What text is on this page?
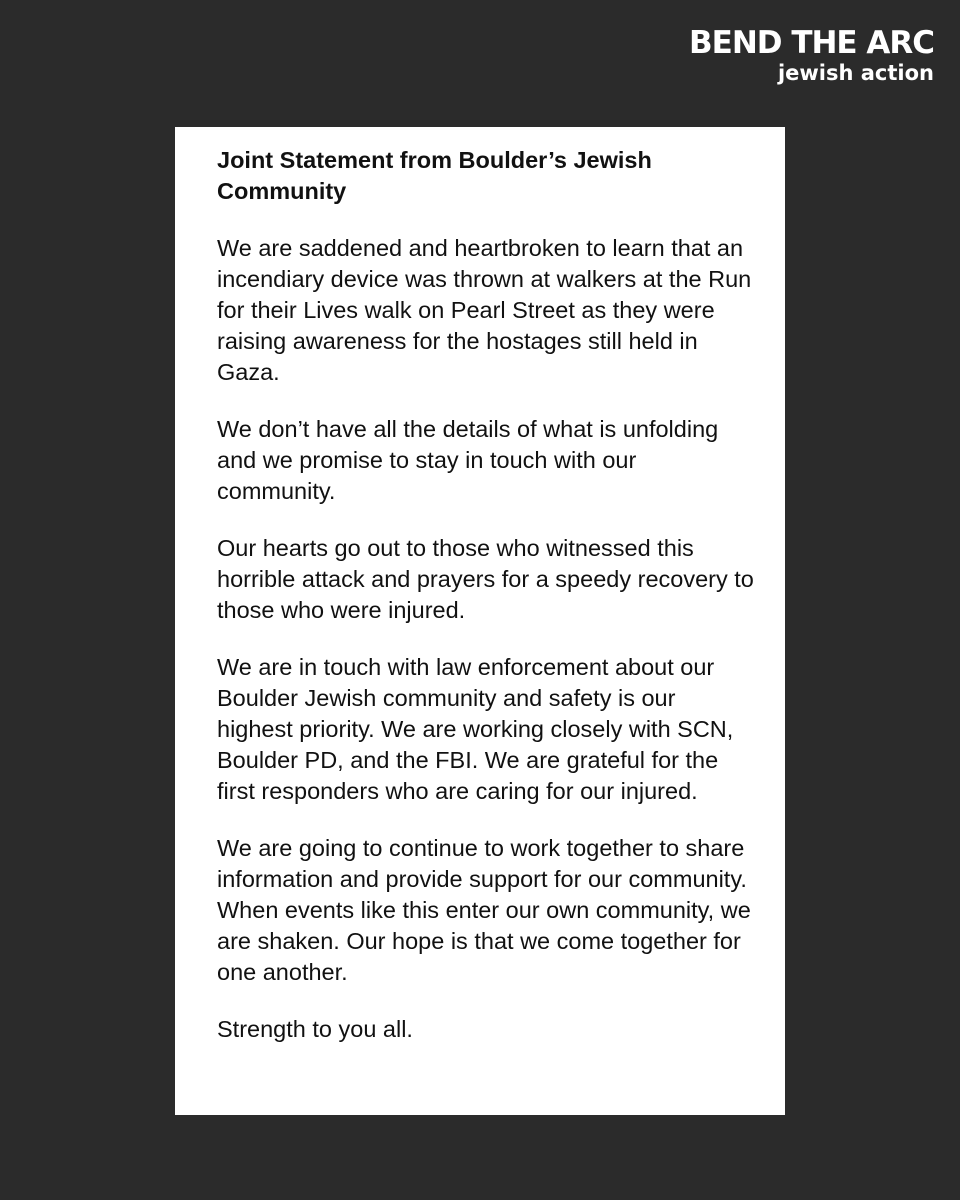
BEND THE ARC
jewish action
Joint Statement from Boulder’s Jewish Community

We are saddened and heartbroken to learn that an incendiary device was thrown at walkers at the Run for their Lives walk on Pearl Street as they were raising awareness for the hostages still held in Gaza.

We don’t have all the details of what is unfolding and we promise to stay in touch with our community.

Our hearts go out to those who witnessed this horrible attack and prayers for a speedy recovery to those who were injured.

We are in touch with law enforcement about our Boulder Jewish community and safety is our highest priority. We are working closely with SCN, Boulder PD, and the FBI. We are grateful for the first responders who are caring for our injured.

We are going to continue to work together to share information and provide support for our community. When events like this enter our own community, we are shaken. Our hope is that we come together for one another.

Strength to you all.
